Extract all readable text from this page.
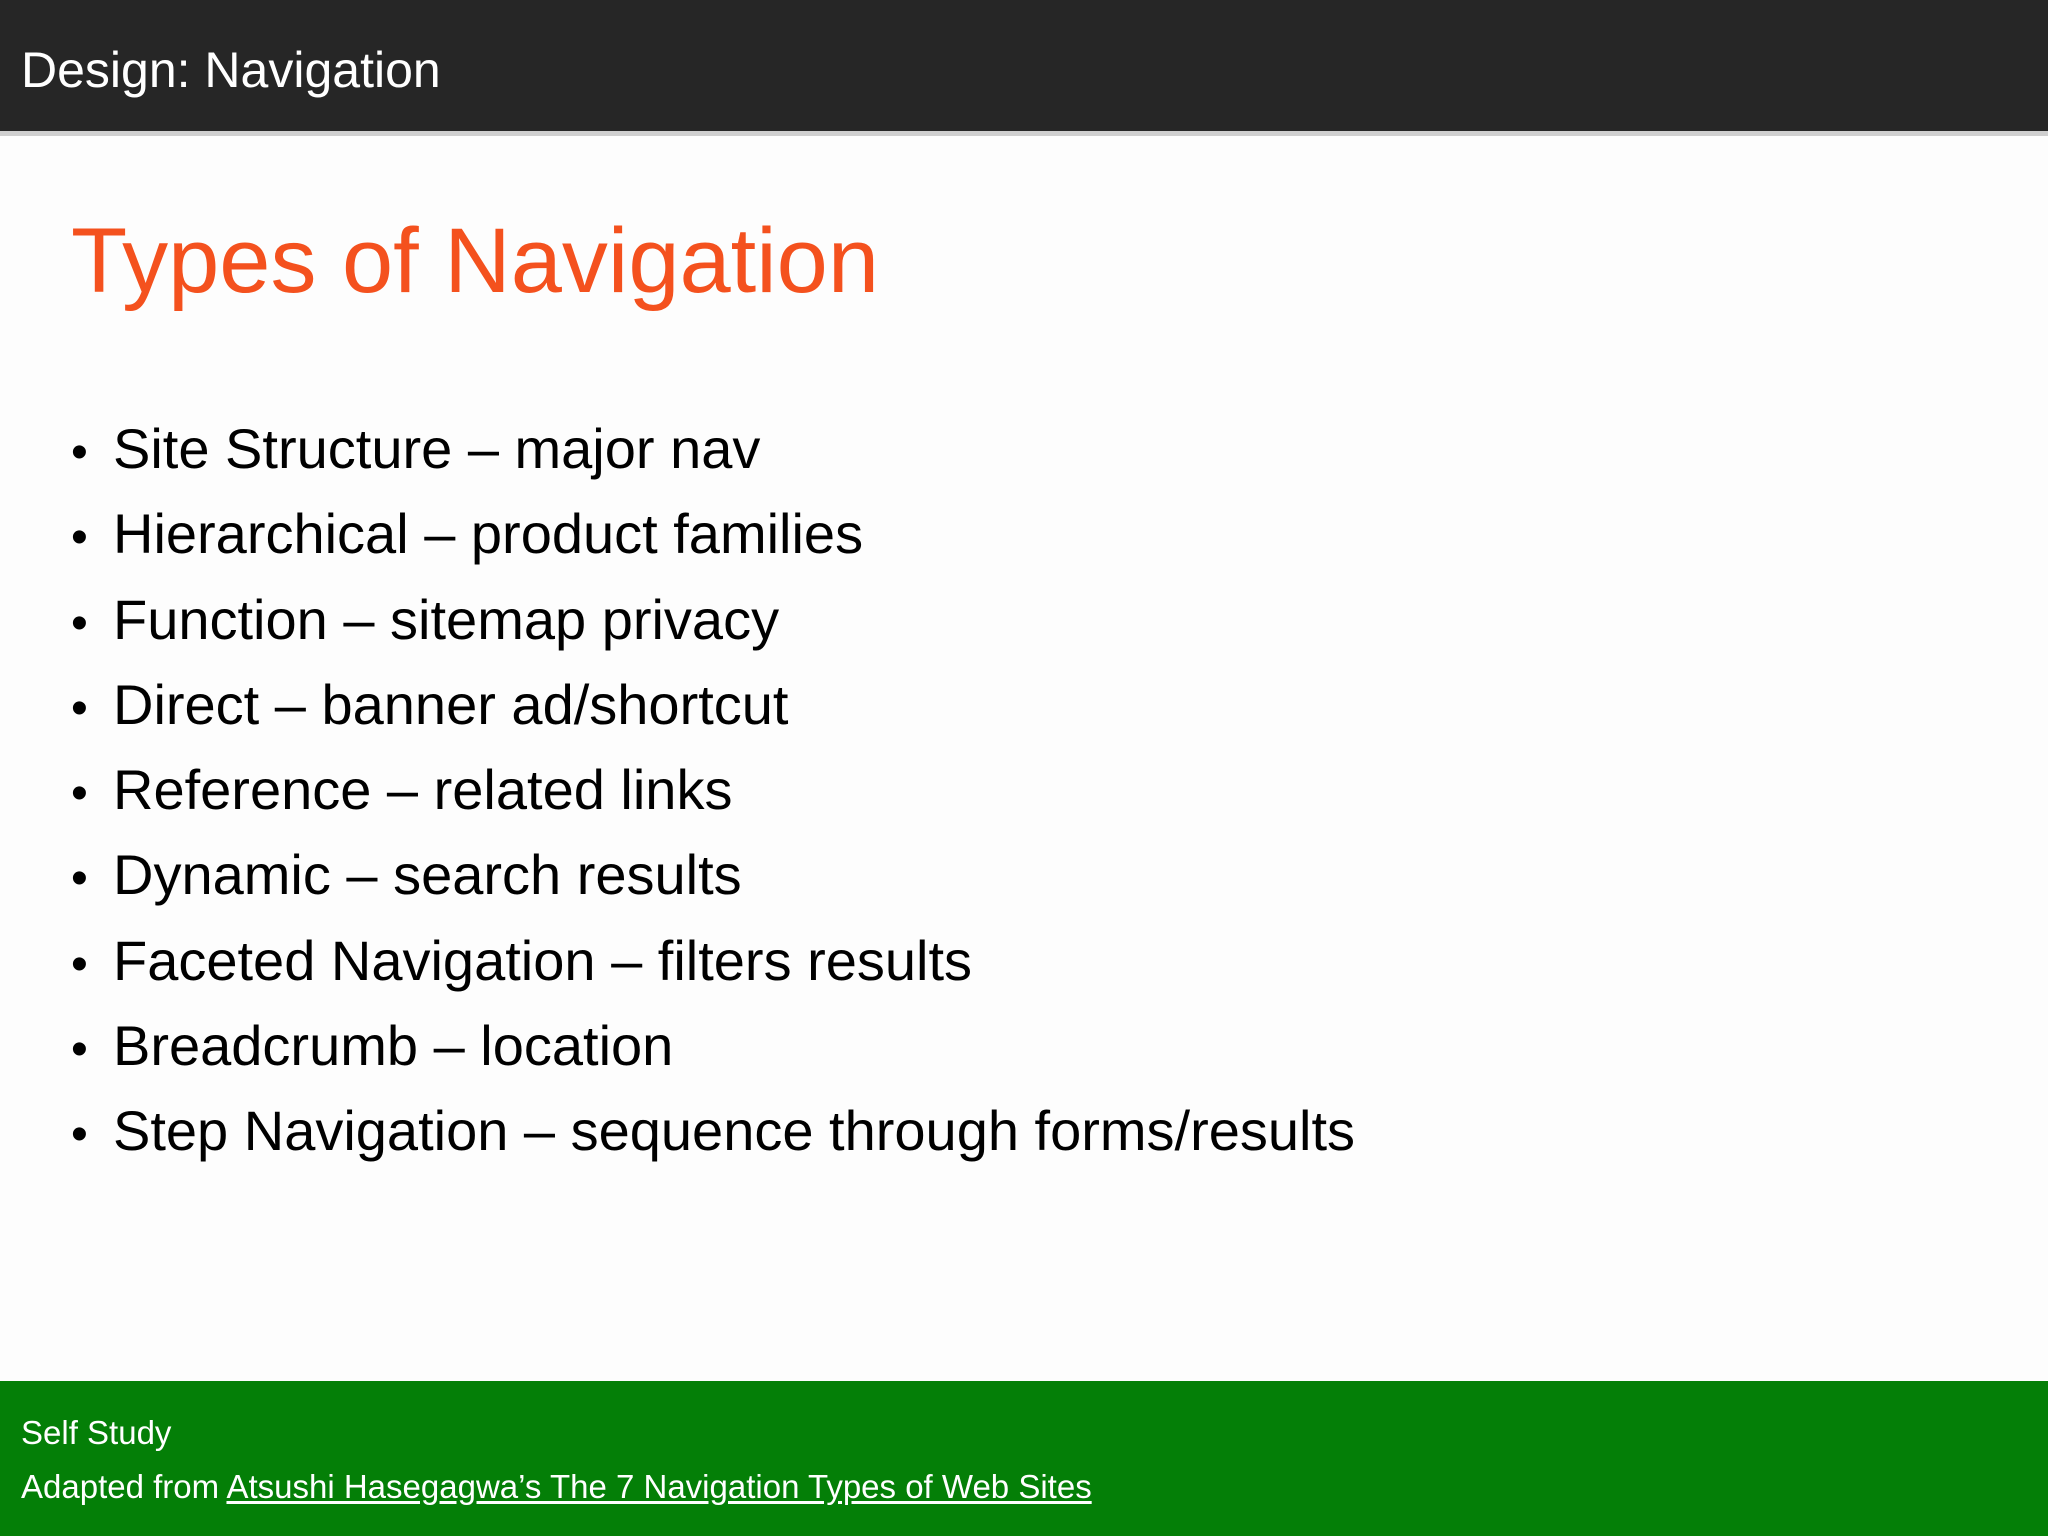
Design: Navigation
Types of Navigation
• Site Structure – major nav
• Hierarchical – product families
• Function – sitemap privacy
• Direct – banner ad/shortcut
• Reference – related links
• Dynamic – search results
• Faceted Navigation – filters results
• Breadcrumb – location
• Step Navigation – sequence through forms/results
Self Study
Adapted from Atsushi Hasegagwa’s The 7 Navigation Types of Web Sites
